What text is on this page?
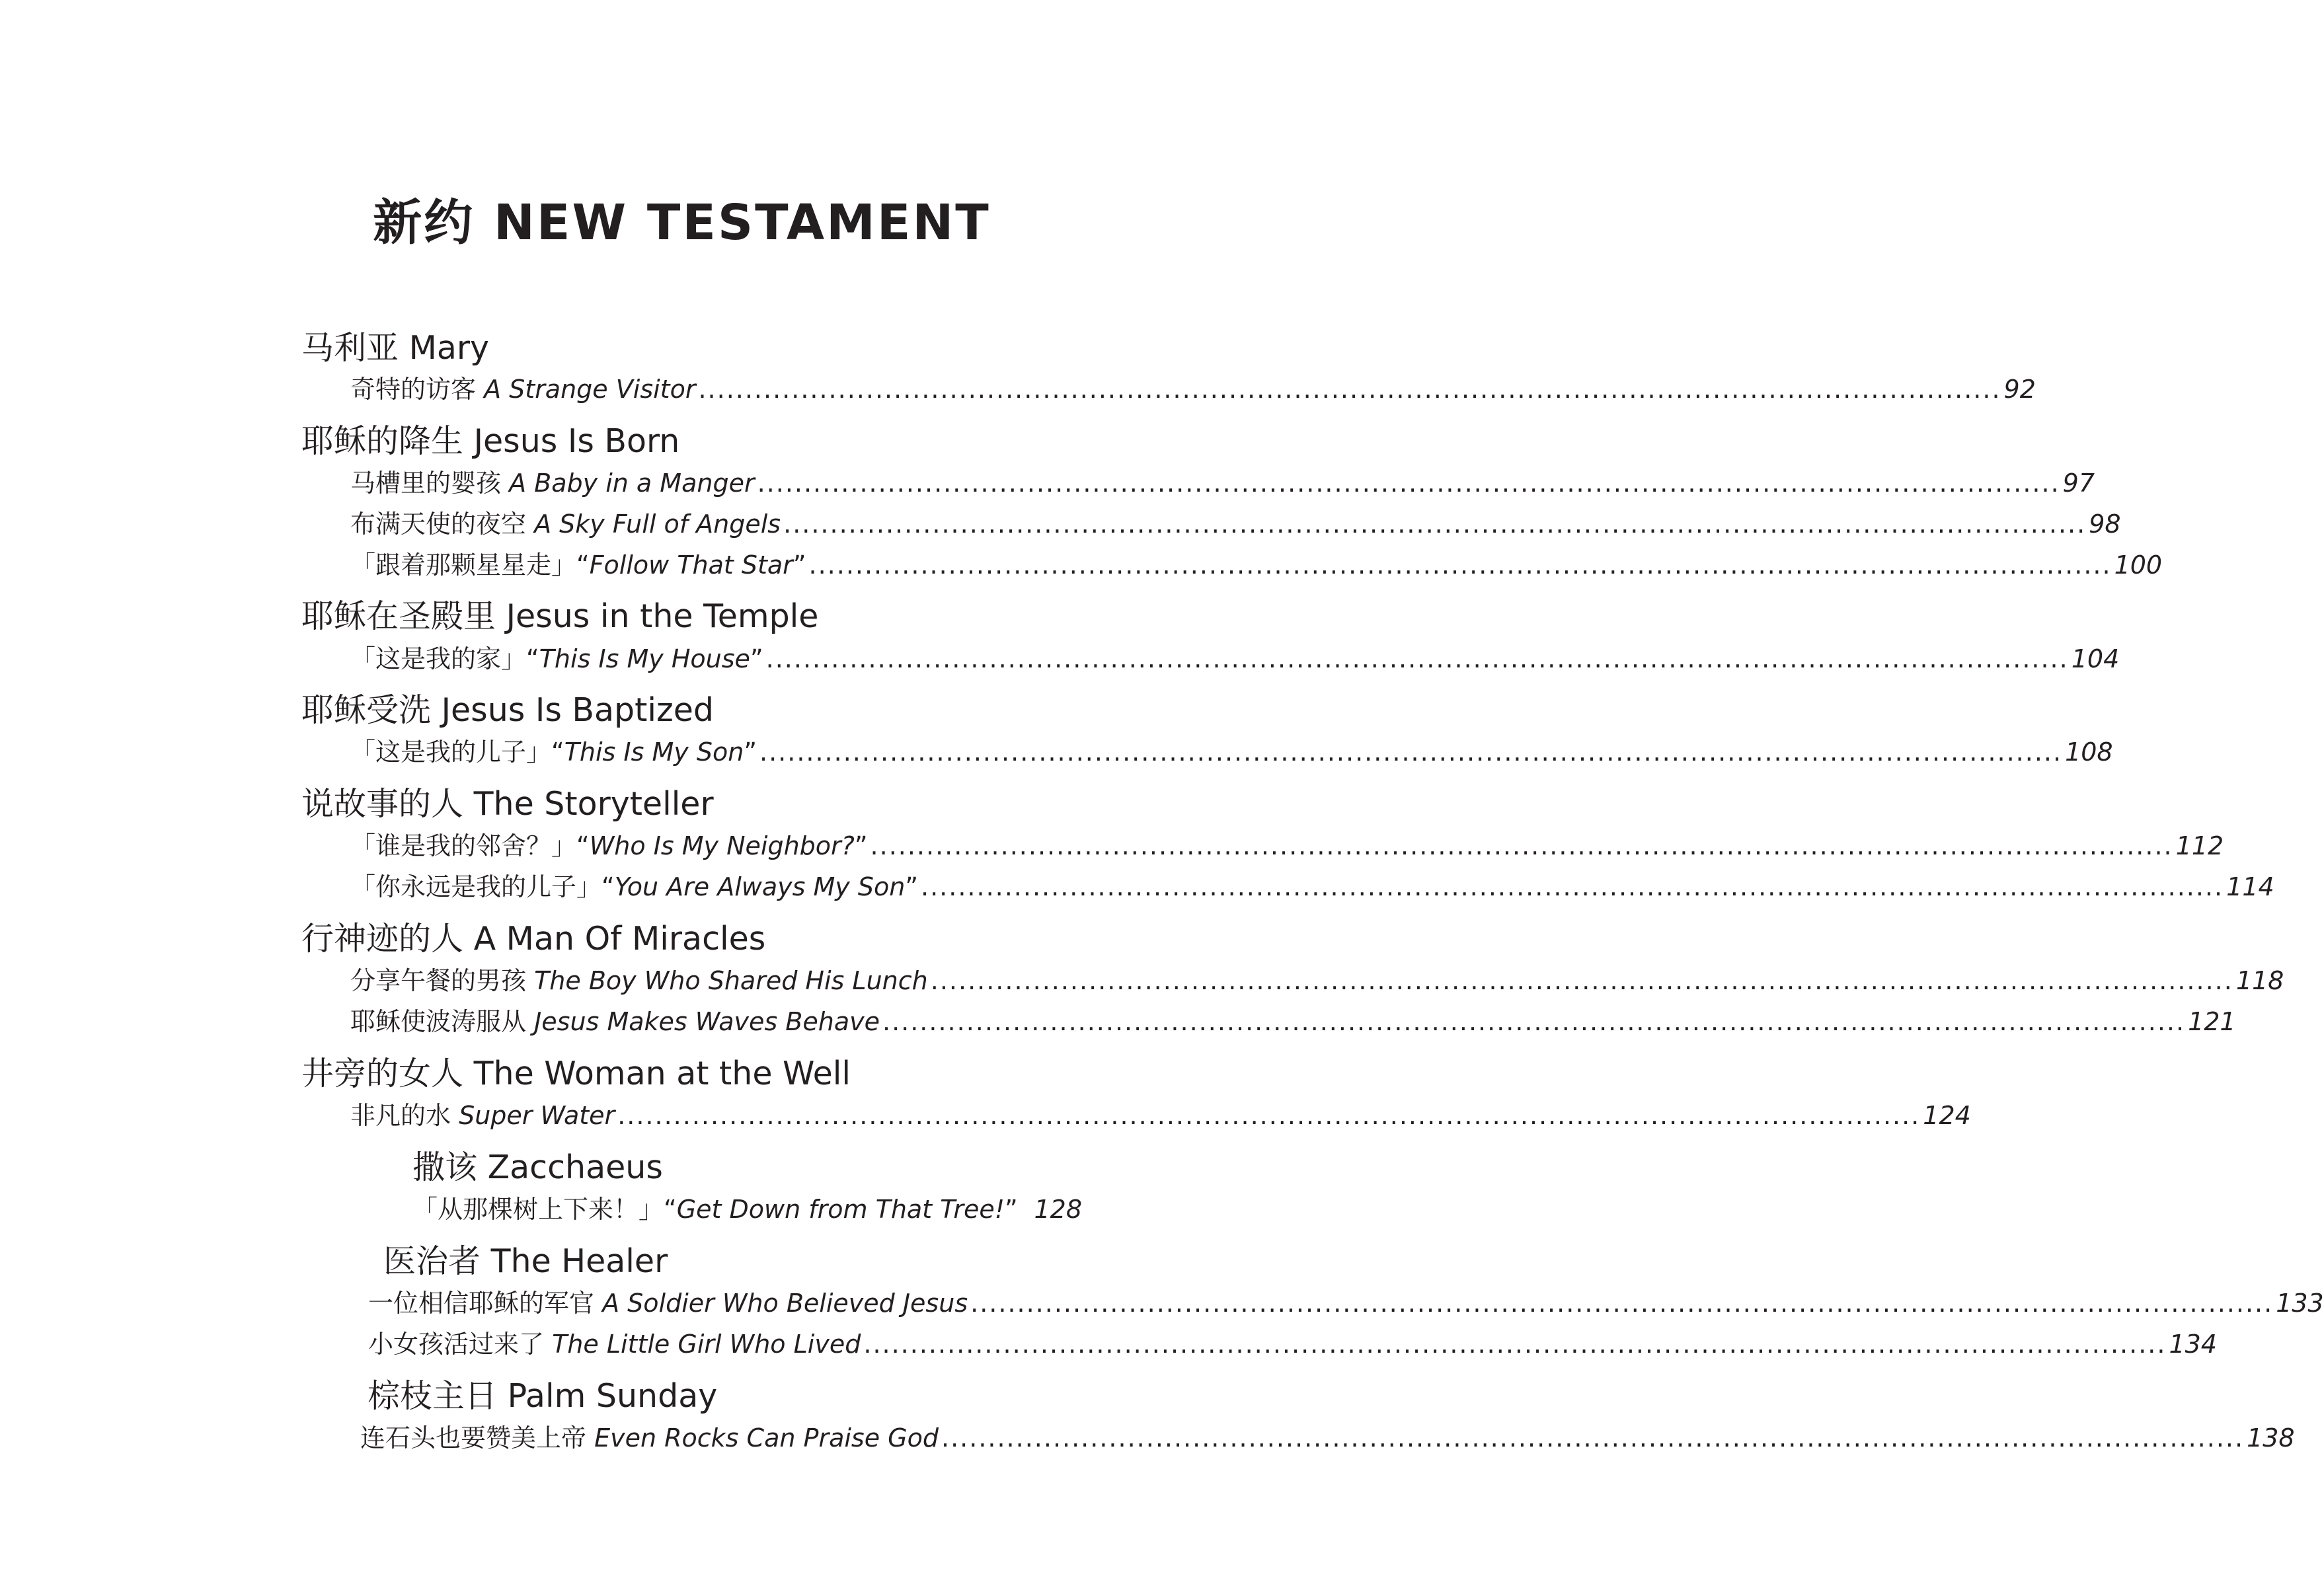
新约 NEW TESTAMENT
马利亚 Mary
奇特的访客 A Strange Visitor ............................................................................................................................................ 92
耶稣的降生 Jesus Is Born
马槽里的婴孩 A Baby in a Manger ............................................................................................................................................ 97
布满天使的夜空 A Sky Full of Angels ............................................................................................................................................ 98
「跟着那颗星星走」“Follow That Star” ............................................................................................................................................ 100
耶稣在圣殿里 Jesus in the Temple
「这是我的家」“This Is My House” ............................................................................................................................................ 104
耶稣受洗 Jesus Is Baptized
「这是我的儿子」“This Is My Son” ............................................................................................................................................ 108
说故事的人 The Storyteller
「谁是我的邻舍？」“Who Is My Neighbor?” ............................................................................................................................................ 112
「你永远是我的儿子」“You Are Always My Son” ............................................................................................................................................ 114
行神迹的人 A Man Of Miracles
分享午餐的男孩 The Boy Who Shared His Lunch ............................................................................................................................................ 118
耶稣使波涛服从 Jesus Makes Waves Behave ............................................................................................................................................ 121
井旁的女人 The Woman at the Well
非凡的水 Super Water ............................................................................................................................................ 124
撒该 Zacchaeus
「从那棵树上下来！」“Get Down from That Tree!” 128
医治者 The Healer
一位相信耶稣的军官 A Soldier Who Believed Jesus ............................................................................................................................................ 133
小女孩活过来了 The Little Girl Who Lived ............................................................................................................................................ 134
棕枝主日 Palm Sunday
连石头也要赞美上帝 Even Rocks Can Praise God ............................................................................................................................................ 138
